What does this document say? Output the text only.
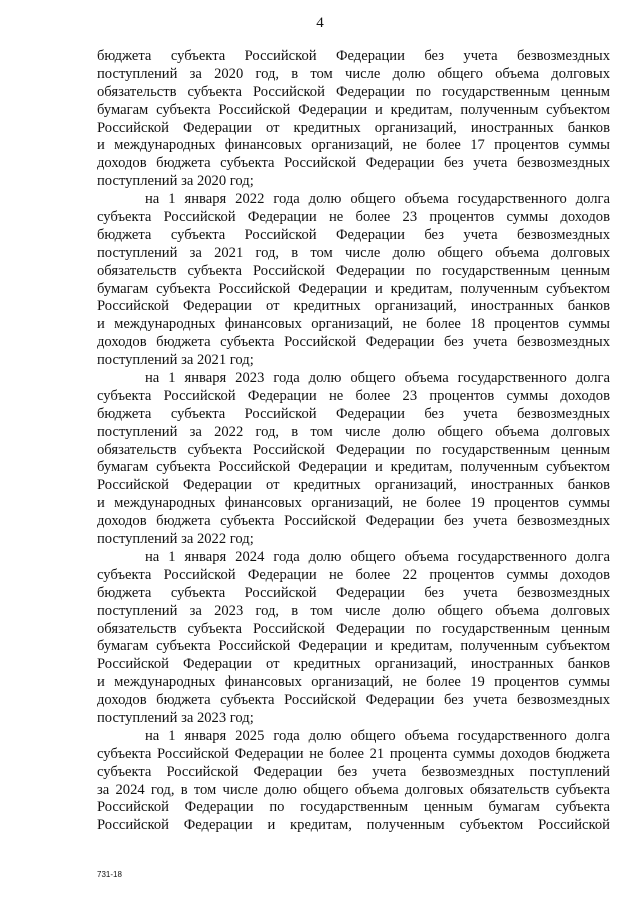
4
бюджета субъекта Российской Федерации без учета безвозмездных
поступлений за 2020 год, в том числе долю общего объема долговых
обязательств субъекта Российской Федерации по государственным ценным
бумагам субъекта Российской Федерации и кредитам, полученным субъектом
Российской Федерации от кредитных организаций, иностранных банков
и международных финансовых организаций, не более 17 процентов суммы
доходов бюджета субъекта Российской Федерации без учета безвозмездных
поступлений за 2020 год;
на 1 января 2022 года долю общего объема государственного долга
субъекта Российской Федерации не более 23 процентов суммы доходов
бюджета субъекта Российской Федерации без учета безвозмездных
поступлений за 2021 год, в том числе долю общего объема долговых
обязательств субъекта Российской Федерации по государственным ценным
бумагам субъекта Российской Федерации и кредитам, полученным субъектом
Российской Федерации от кредитных организаций, иностранных банков
и международных финансовых организаций, не более 18 процентов суммы
доходов бюджета субъекта Российской Федерации без учета безвозмездных
поступлений за 2021 год;
на 1 января 2023 года долю общего объема государственного долга
субъекта Российской Федерации не более 23 процентов суммы доходов
бюджета субъекта Российской Федерации без учета безвозмездных
поступлений за 2022 год, в том числе долю общего объема долговых
обязательств субъекта Российской Федерации по государственным ценным
бумагам субъекта Российской Федерации и кредитам, полученным субъектом
Российской Федерации от кредитных организаций, иностранных банков
и международных финансовых организаций, не более 19 процентов суммы
доходов бюджета субъекта Российской Федерации без учета безвозмездных
поступлений за 2022 год;
на 1 января 2024 года долю общего объема государственного долга
субъекта Российской Федерации не более 22 процентов суммы доходов
бюджета субъекта Российской Федерации без учета безвозмездных
поступлений за 2023 год, в том числе долю общего объема долговых
обязательств субъекта Российской Федерации по государственным ценным
бумагам субъекта Российской Федерации и кредитам, полученным субъектом
Российской Федерации от кредитных организаций, иностранных банков
и международных финансовых организаций, не более 19 процентов суммы
доходов бюджета субъекта Российской Федерации без учета безвозмездных
поступлений за 2023 год;
на 1 января 2025 года долю общего объема государственного долга
субъекта Российской Федерации не более 21 процента суммы доходов бюджета
субъекта Российской Федерации без учета безвозмездных поступлений
за 2024 год, в том числе долю общего объема долговых обязательств субъекта
Российской Федерации по государственным ценным бумагам субъекта
Российской Федерации и кредитам, полученным субъектом Российской
731-18
